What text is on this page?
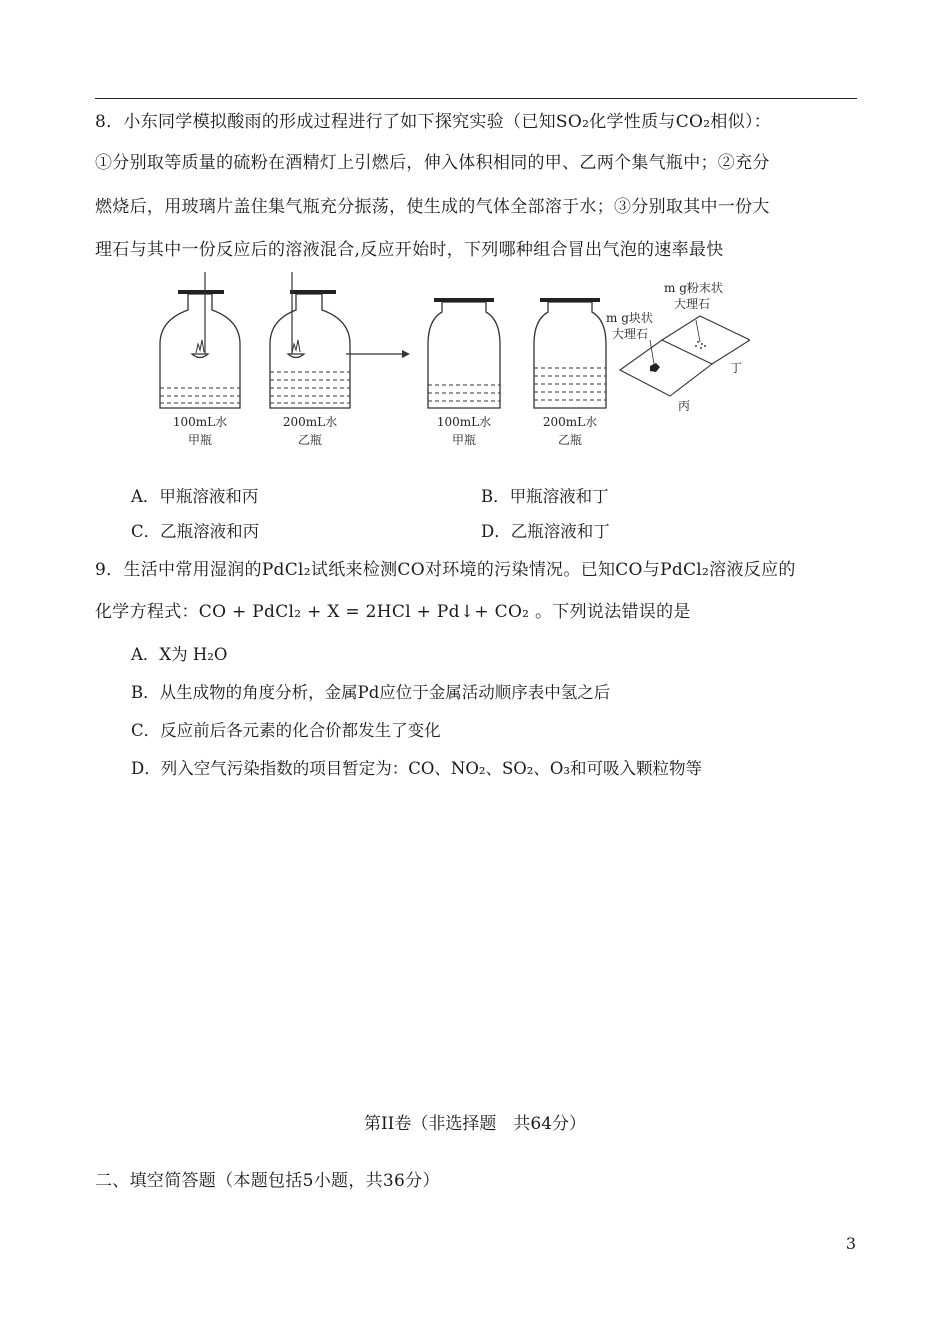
8．小东同学模拟酸雨的形成过程进行了如下探究实验（已知SO₂化学性质与CO₂相似）：
①分别取等质量的硫粉在酒精灯上引燃后，伸入体积相同的甲、乙两个集气瓶中；②充分
燃烧后，用玻璃片盖住集气瓶充分振荡，使生成的气体全部溶于水；③分别取其中一份大
理石与其中一份反应后的溶液混合,反应开始时，下列哪种组合冒出气泡的速率最快
100mL水
甲瓶
200mL水
乙瓶
100mL水
甲瓶
200mL水
乙瓶
m g块状
大理石
m g粉末状
大理石
丙
丁
A．甲瓶溶液和丙	B．甲瓶溶液和丁
C．乙瓶溶液和丙	D．乙瓶溶液和丁
9．生活中常用湿润的PdCl₂试纸来检测CO对环境的污染情况。已知CO与PdCl₂溶液反应的
化学方程式：CO + PdCl₂ + X = 2HCl + Pd↓+ CO₂ 。下列说法错误的是
A．X为 H₂O
B．从生成物的角度分析，金属Pd应位于金属活动顺序表中氢之后
C．反应前后各元素的化合价都发生了变化
D．列入空气污染指数的项目暂定为：CO、NO₂、SO₂、O₃和可吸入颗粒物等
第II卷（非选择题　共64分）
二、填空简答题（本题包括5小题，共36分）
3
